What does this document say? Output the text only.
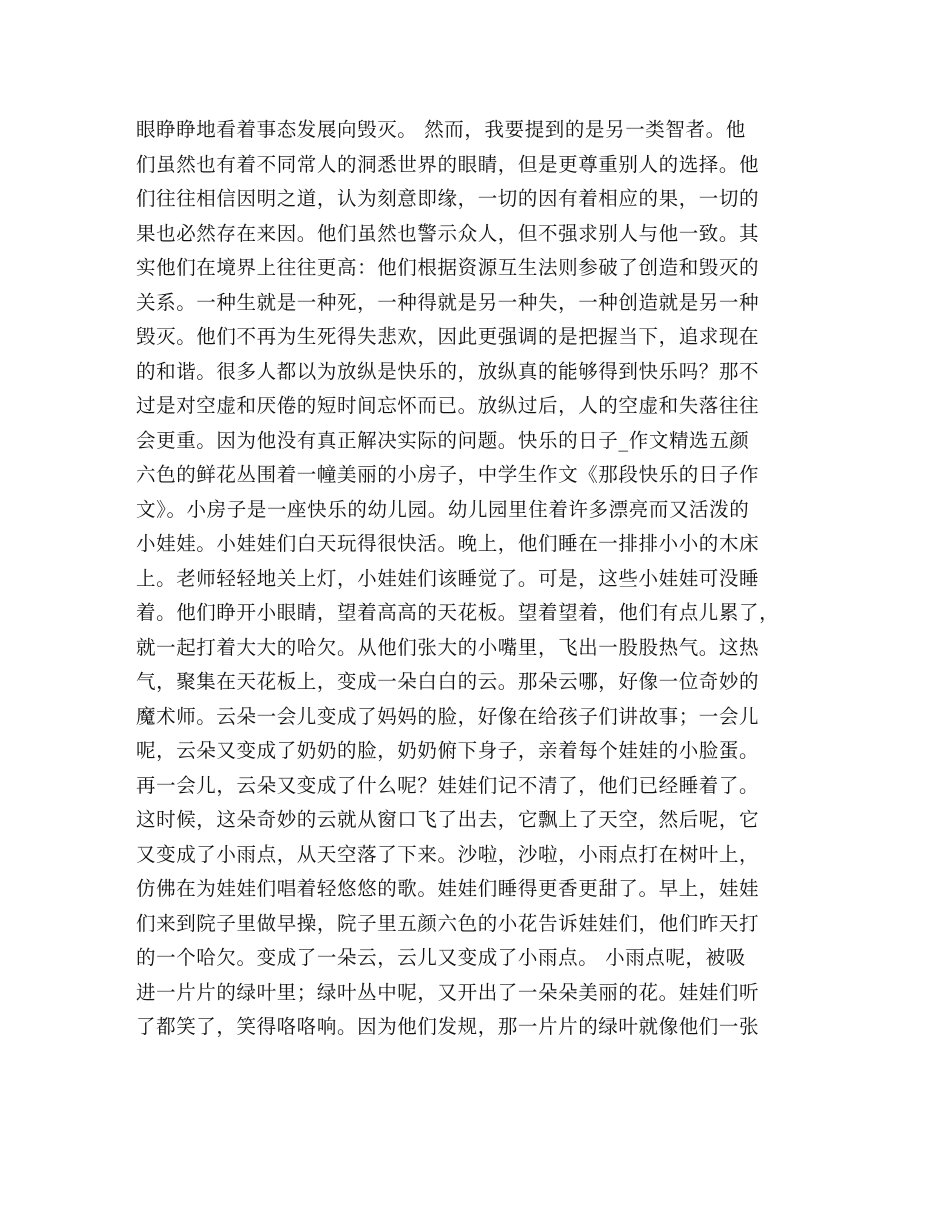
眼睁睁地看着事态发展向毁灭。 然而，我要提到的是另一类智者。他
们虽然也有着不同常人的洞悉世界的眼睛，但是更尊重别人的选择。他
们往往相信因明之道，认为刻意即缘，一切的因有着相应的果，一切的
果也必然存在来因。他们虽然也警示众人，但不强求别人与他一致。其
实他们在境界上往往更高：他们根据资源互生法则参破了创造和毁灭的
关系。一种生就是一种死，一种得就是另一种失，一种创造就是另一种
毁灭。他们不再为生死得失悲欢，因此更强调的是把握当下，追求现在
的和谐。很多人都以为放纵是快乐的，放纵真的能够得到快乐吗？那不
过是对空虚和厌倦的短时间忘怀而已。放纵过后，人的空虚和失落往往
会更重。因为他没有真正解决实际的问题。快乐的日子_作文精选五颜
六色的鲜花丛围着一幢美丽的小房子，中学生作文《那段快乐的日子作
文》。小房子是一座快乐的幼儿园。幼儿园里住着许多漂亮而又活泼的
小娃娃。小娃娃们白天玩得很快活。晚上，他们睡在一排排小小的木床
上。老师轻轻地关上灯，小娃娃们该睡觉了。可是，这些小娃娃可没睡
着。他们睁开小眼睛，望着高高的天花板。望着望着，他们有点儿累了，
就一起打着大大的哈欠。从他们张大的小嘴里，飞出一股股热气。这热
气，聚集在天花板上，变成一朵白白的云。那朵云哪，好像一位奇妙的
魔术师。云朵一会儿变成了妈妈的脸，好像在给孩子们讲故事；一会儿
呢，云朵又变成了奶奶的脸，奶奶俯下身子，亲着每个娃娃的小脸蛋。
再一会儿，云朵又变成了什么呢？娃娃们记不清了，他们已经睡着了。
这时候，这朵奇妙的云就从窗口飞了出去，它飘上了天空，然后呢，它
又变成了小雨点，从天空落了下来。沙啦，沙啦，小雨点打在树叶上，
仿佛在为娃娃们唱着轻悠悠的歌。娃娃们睡得更香更甜了。早上，娃娃
们来到院子里做早操，院子里五颜六色的小花告诉娃娃们，他们昨天打
的一个哈欠。变成了一朵云，云儿又变成了小雨点。 小雨点呢，被吸
进一片片的绿叶里；绿叶丛中呢，又开出了一朵朵美丽的花。娃娃们听
了都笑了，笑得咯咯响。因为他们发规，那一片片的绿叶就像他们一张
